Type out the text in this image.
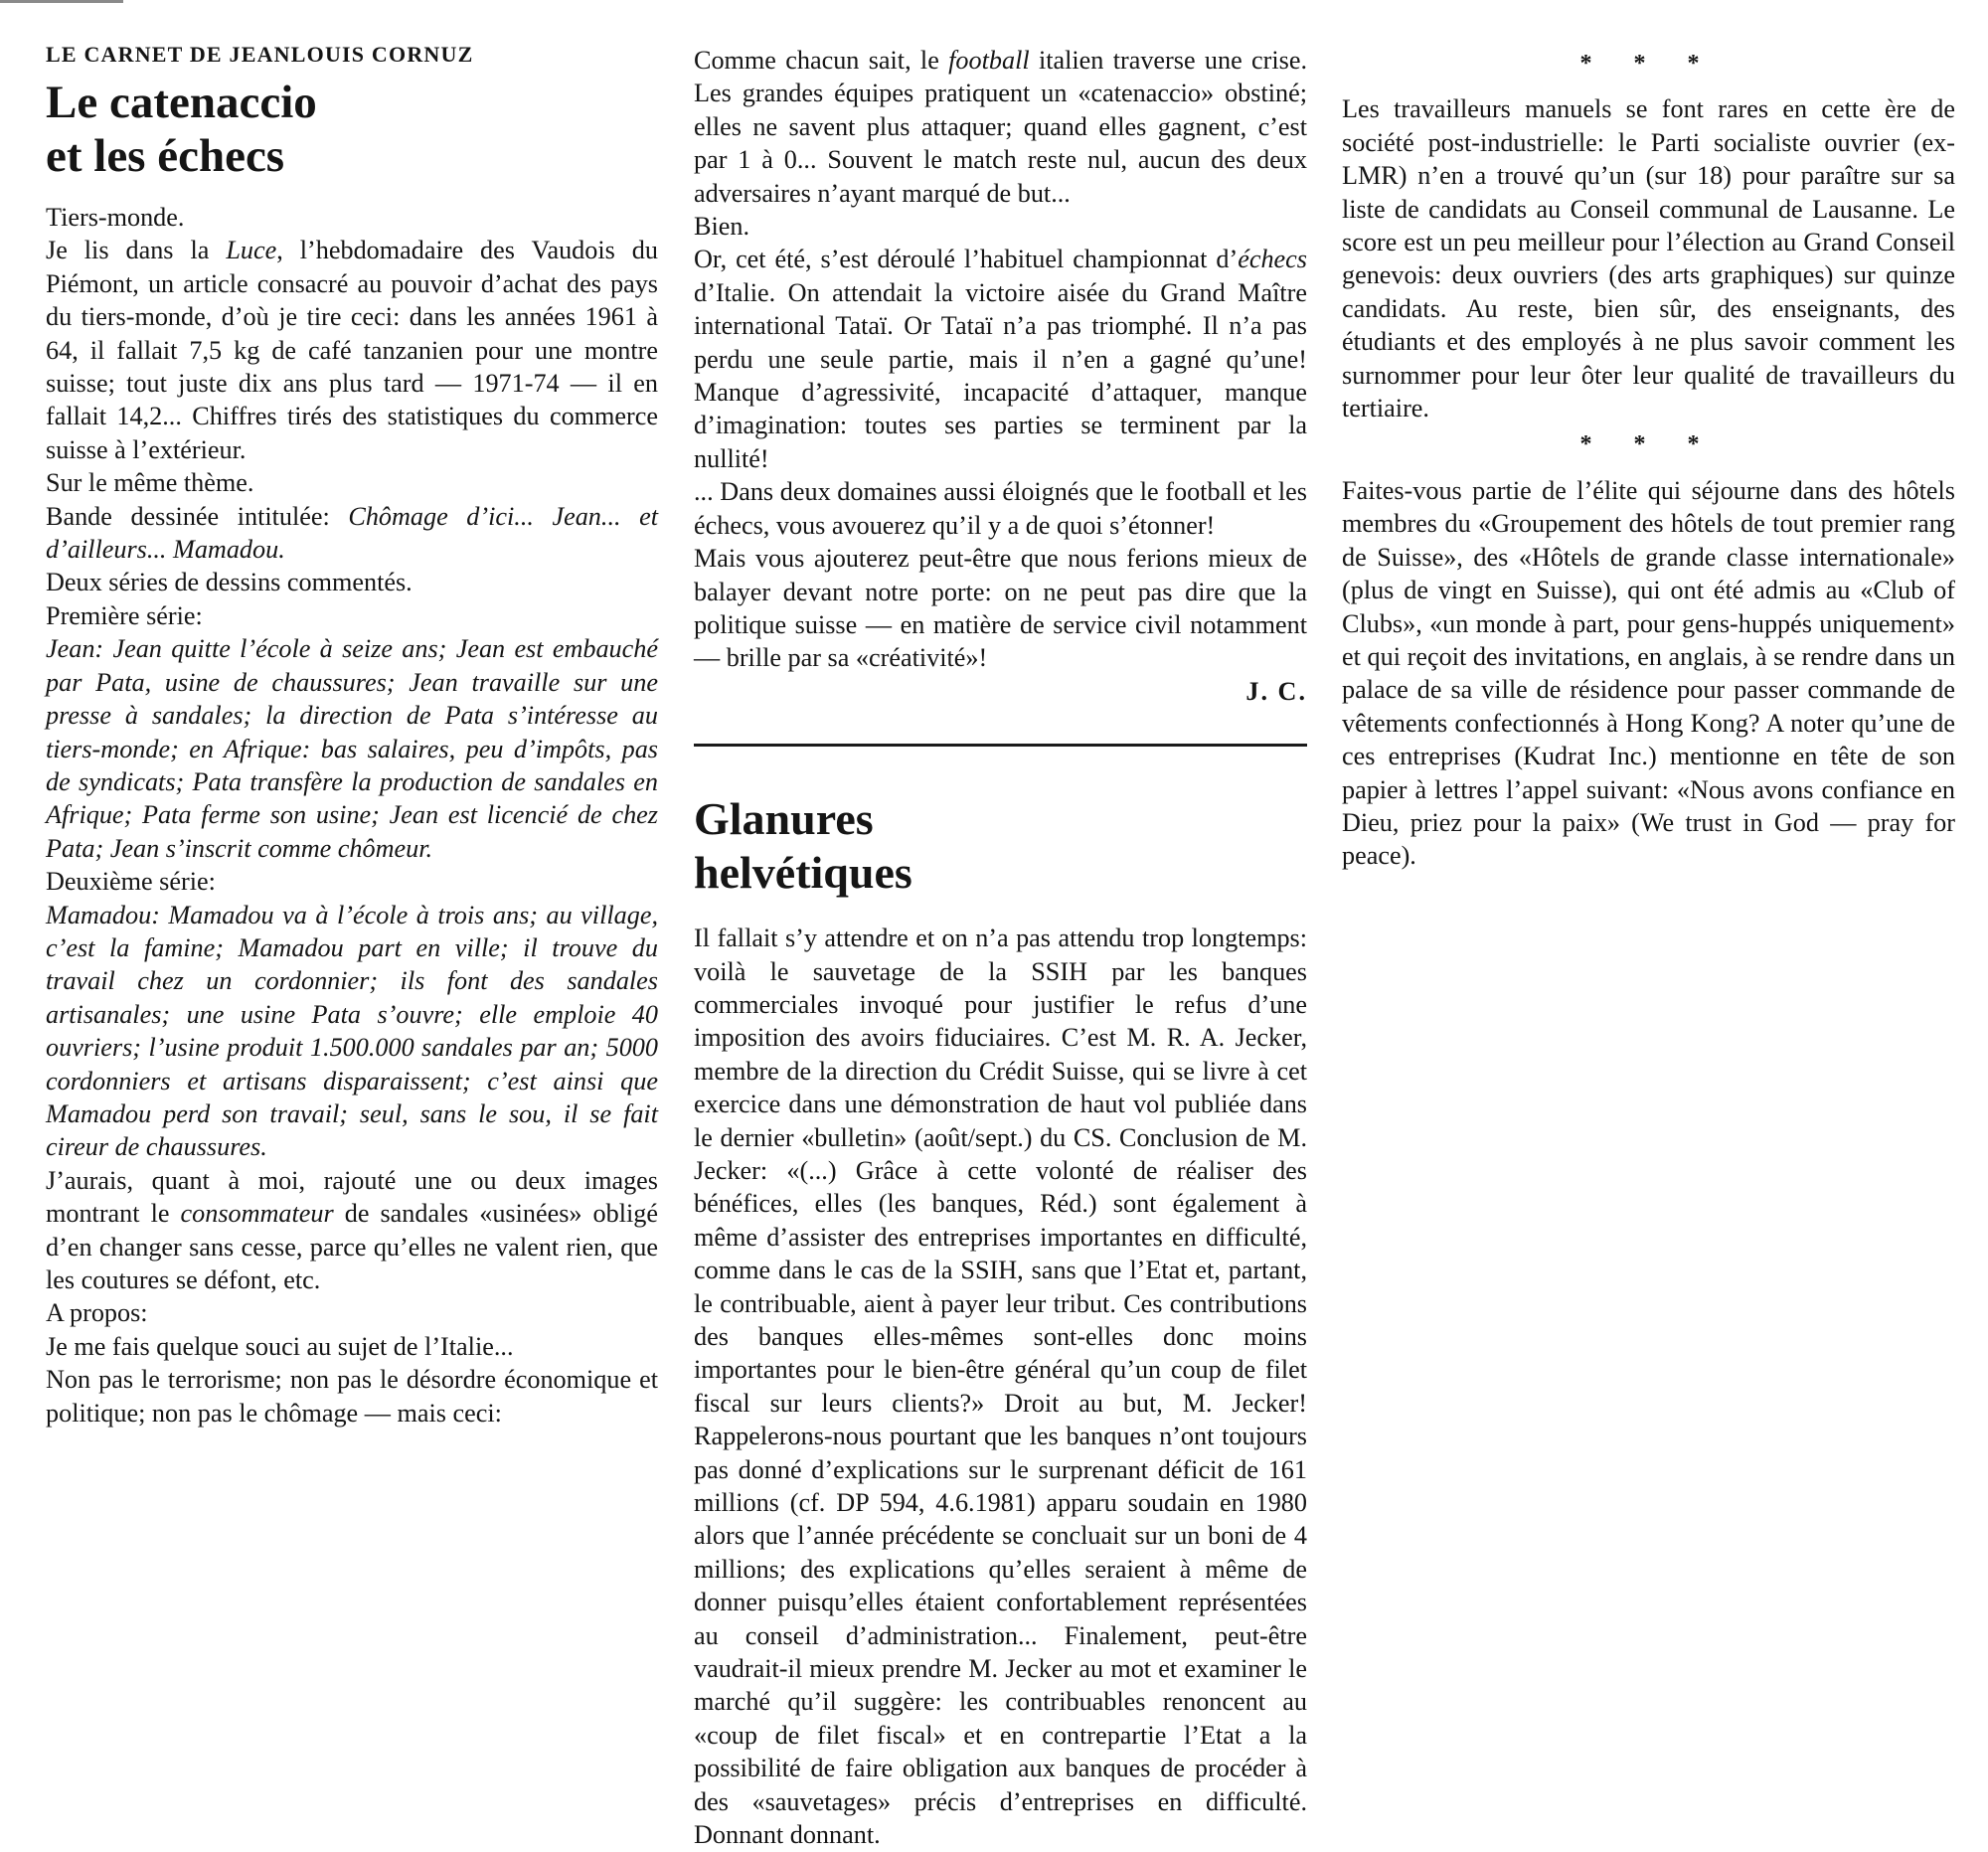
LE CARNET DE JEANLOUIS CORNUZ
Le catenaccio
et les échecs

Tiers-monde.

Je lis dans la Luce, l’hebdomadaire des Vaudois du Piémont, un article consacré au pouvoir d’achat des pays du tiers-monde, d’où je tire ceci: dans les années 1961 à 64, il fallait 7,5 kg de café tanzanien pour une montre suisse; tout juste dix ans plus tard — 1971-74 — il en fallait 14,2... Chiffres tirés des statistiques du commerce suisse à l’extérieur.

Sur le même thème.

Bande dessinée intitulée: Chômage d’ici... Jean... et d’ailleurs... Mamadou.

Deux séries de dessins commentés.

Première série:

Jean: Jean quitte l’école à seize ans; Jean est embauché par Pata, usine de chaussures; Jean travaille sur une presse à sandales; la direction de Pata s’intéresse au tiers-monde; en Afrique: bas salaires, peu d’impôts, pas de syndicats; Pata transfère la production de sandales en Afrique; Pata ferme son usine; Jean est licencié de chez Pata; Jean s’inscrit comme chômeur.

Deuxième série:

Mamadou: Mamadou va à l’école à trois ans; au village, c’est la famine; Mamadou part en ville; il trouve du travail chez un cordonnier; ils font des sandales artisanales; une usine Pata s’ouvre; elle emploie 40 ouvriers; l’usine produit 1.500.000 sandales par an; 5000 cordonniers et artisans disparaissent; c’est ainsi que Mamadou perd son travail; seul, sans le sou, il se fait cireur de chaussures.

J’aurais, quant à moi, rajouté une ou deux images montrant le consommateur de sandales «usinées» obligé d’en changer sans cesse, parce qu’elles ne valent rien, que les coutures se défont, etc.

A propos:

Je me fais quelque souci au sujet de l’Italie...

Non pas le terrorisme; non pas le désordre économique et politique; non pas le chômage — mais ceci:

Comme chacun sait, le football italien traverse une crise. Les grandes équipes pratiquent un «catenaccio» obstiné; elles ne savent plus attaquer; quand elles gagnent, c’est par 1 à 0... Souvent le match reste nul, aucun des deux adversaires n’ayant marqué de but...

Bien.

Or, cet été, s’est déroulé l’habituel championnat d’échecs d’Italie. On attendait la victoire aisée du Grand Maître international Tataï. Or Tataï n’a pas triomphé. Il n’a pas perdu une seule partie, mais il n’en a gagné qu’une! Manque d’agressivité, incapacité d’attaquer, manque d’imagination: toutes ses parties se terminent par la nullité!

... Dans deux domaines aussi éloignés que le football et les échecs, vous avouerez qu’il y a de quoi s’étonner!

Mais vous ajouterez peut-être que nous ferions mieux de balayer devant notre porte: on ne peut pas dire que la politique suisse — en matière de service civil notamment — brille par sa «créativité»!

J. C.
Glanures
helvétiques

Il fallait s’y attendre et on n’a pas attendu trop longtemps: voilà le sauvetage de la SSIH par les banques commerciales invoqué pour justifier le refus d’une imposition des avoirs fiduciaires. C’est M. R. A. Jecker, membre de la direction du Crédit Suisse, qui se livre à cet exercice dans une démonstration de haut vol publiée dans le dernier «bulletin» (août/sept.) du CS. Conclusion de M. Jecker: «(...) Grâce à cette volonté de réaliser des bénéfices, elles (les banques, Réd.) sont également à même d’assister des entreprises importantes en difficulté, comme dans le cas de la SSIH, sans que l’Etat et, partant, le contribuable, aient à payer leur tribut. Ces contributions des banques elles-mêmes sont-elles donc moins importantes pour le bien-être général qu’un coup de filet fiscal sur leurs clients?» Droit au but, M. Jecker! Rappelerons-nous pourtant que les banques n’ont toujours pas donné d’explications sur le surprenant déficit de 161 millions (cf. DP 594, 4.6.1981) apparu soudain en 1980 alors que l’année précédente se concluait sur un boni de 4 millions; des explications qu’elles seraient à même de donner puisqu’elles étaient confortablement représentées au conseil d’administration... Finalement, peut-être vaudrait-il mieux prendre M. Jecker au mot et examiner le marché qu’il suggère: les contribuables renoncent au «coup de filet fiscal» et en contrepartie l’Etat a la possibilité de faire obligation aux banques de procéder à des «sauvetages» précis d’entreprises en difficulté. Donnant donnant.

* * *

Les travailleurs manuels se font rares en cette ère de société post-industrielle: le Parti socialiste ouvrier (ex-LMR) n’en a trouvé qu’un (sur 18) pour paraître sur sa liste de candidats au Conseil communal de Lausanne. Le score est un peu meilleur pour l’élection au Grand Conseil genevois: deux ouvriers (des arts graphiques) sur quinze candidats. Au reste, bien sûr, des enseignants, des étudiants et des employés à ne plus savoir comment les surnommer pour leur ôter leur qualité de travailleurs du tertiaire.

* * *

Faites-vous partie de l’élite qui séjourne dans des hôtels membres du «Groupement des hôtels de tout premier rang de Suisse», des «Hôtels de grande classe internationale» (plus de vingt en Suisse), qui ont été admis au «Club of Clubs», «un monde à part, pour gens-huppés uniquement» et qui reçoit des invitations, en anglais, à se rendre dans un palace de sa ville de résidence pour passer commande de vêtements confectionnés à Hong Kong? A noter qu’une de ces entreprises (Kudrat Inc.) mentionne en tête de son papier à lettres l’appel suivant: «Nous avons confiance en Dieu, priez pour la paix» (We trust in God — pray for peace).
